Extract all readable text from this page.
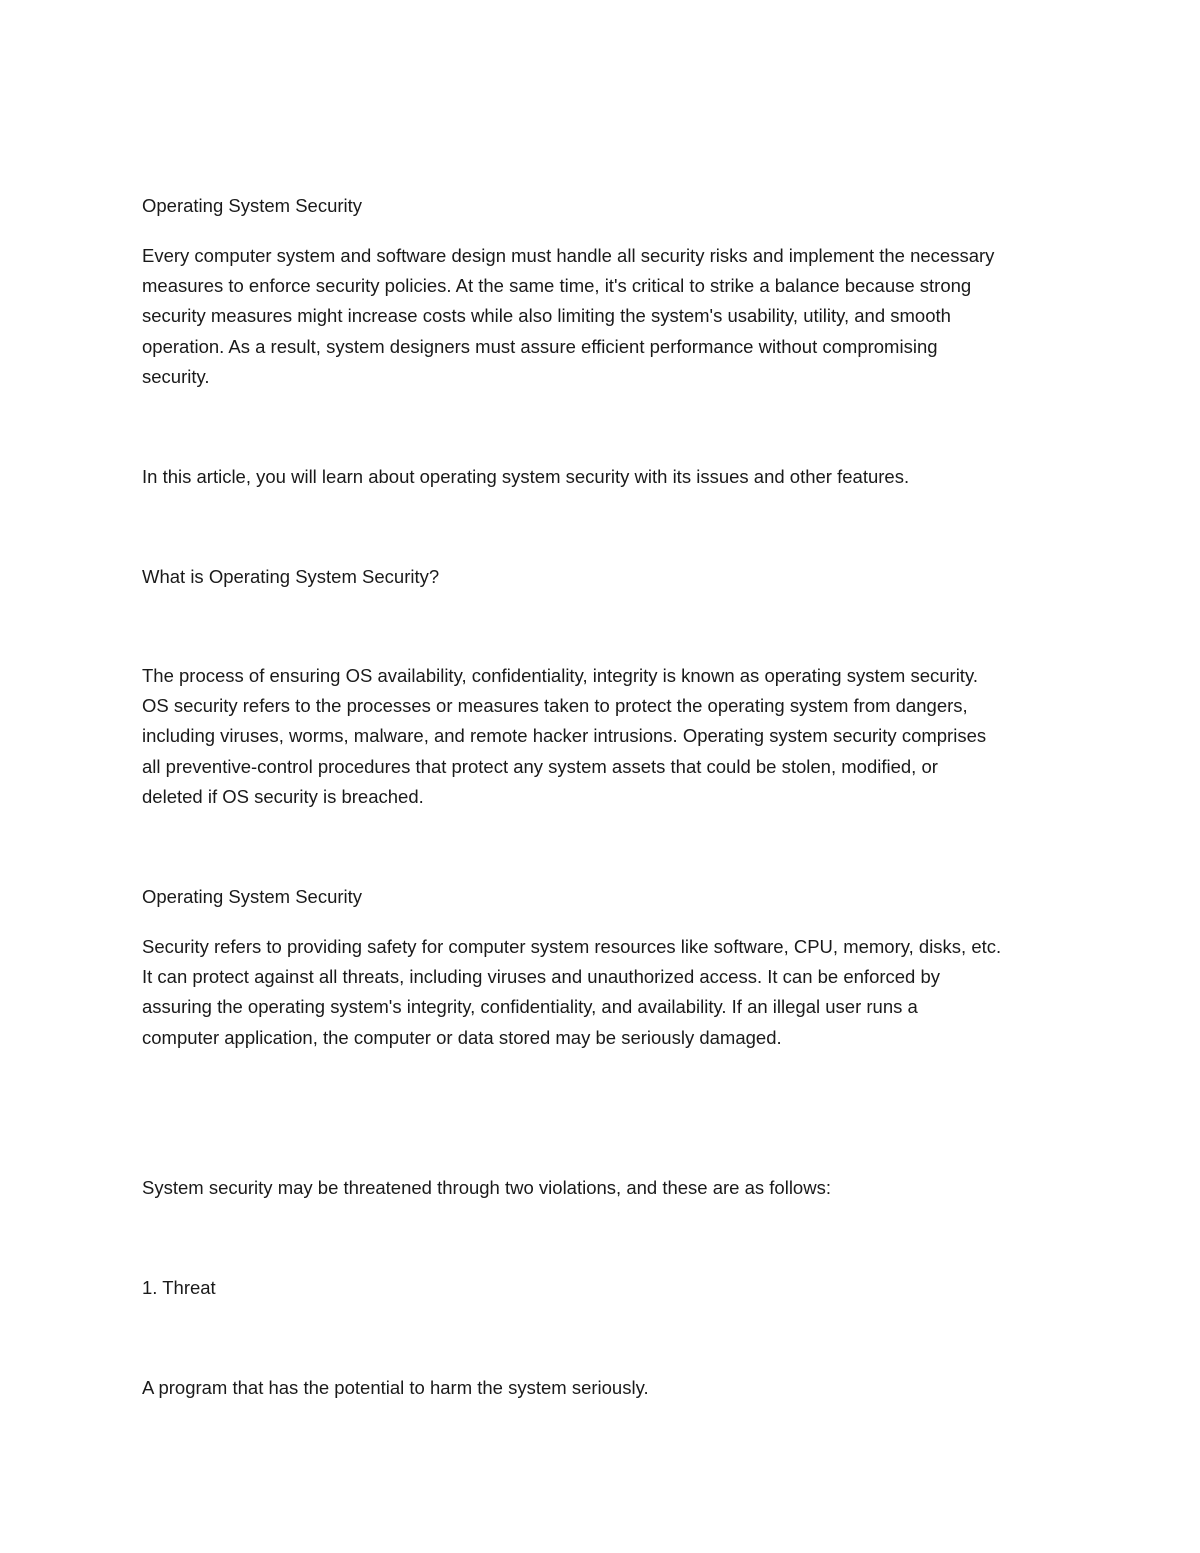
Operating System Security

Every computer system and software design must handle all security risks and implement the necessary
measures to enforce security policies. At the same time, it's critical to strike a balance because strong
security measures might increase costs while also limiting the system's usability, utility, and smooth
operation. As a result, system designers must assure efficient performance without compromising
security.

In this article, you will learn about operating system security with its issues and other features.

What is Operating System Security?

The process of ensuring OS availability, confidentiality, integrity is known as operating system security.
OS security refers to the processes or measures taken to protect the operating system from dangers,
including viruses, worms, malware, and remote hacker intrusions. Operating system security comprises
all preventive-control procedures that protect any system assets that could be stolen, modified, or
deleted if OS security is breached.

Operating System Security

Security refers to providing safety for computer system resources like software, CPU, memory, disks, etc.
It can protect against all threats, including viruses and unauthorized access. It can be enforced by
assuring the operating system's integrity, confidentiality, and availability. If an illegal user runs a
computer application, the computer or data stored may be seriously damaged.

System security may be threatened through two violations, and these are as follows:

1. Threat

A program that has the potential to harm the system seriously.
